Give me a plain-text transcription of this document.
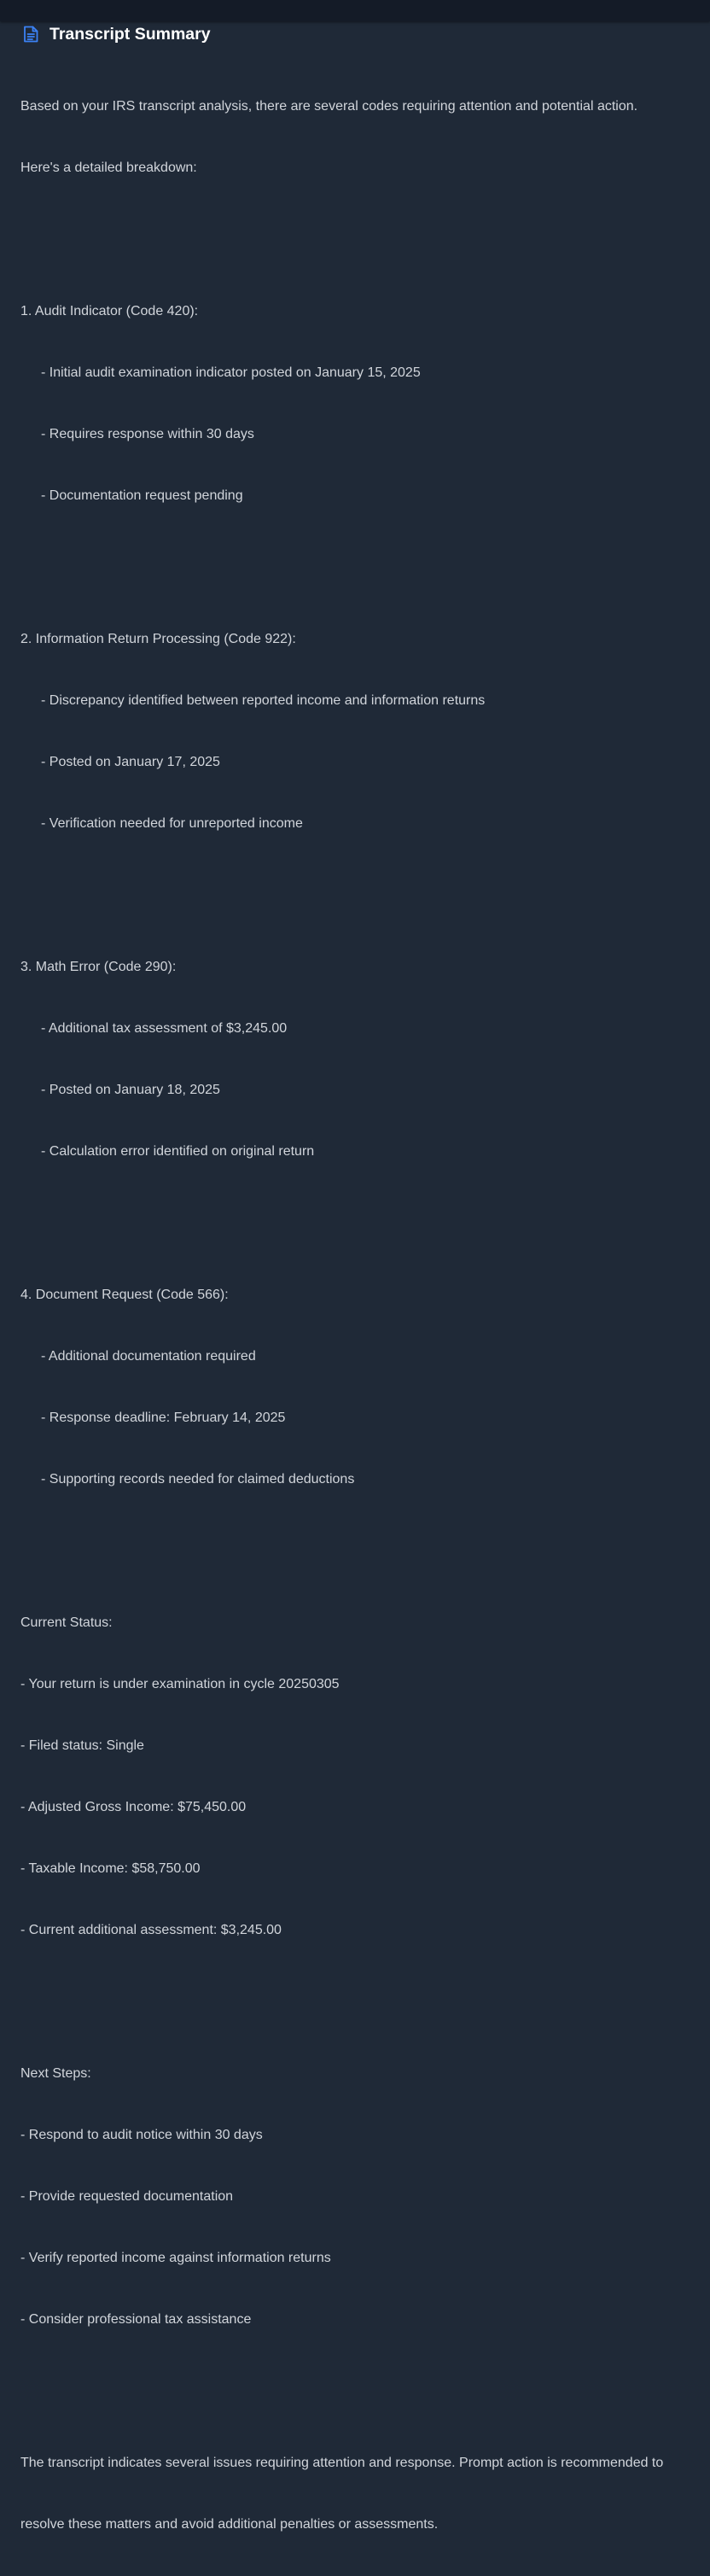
Transcript Summary

Based on your IRS transcript analysis, there are several codes requiring attention and potential action.

Here's a detailed breakdown:

1. Audit Indicator (Code 420):

- Initial audit examination indicator posted on January 15, 2025

- Requires response within 30 days

- Documentation request pending

2. Information Return Processing (Code 922):

- Discrepancy identified between reported income and information returns

- Posted on January 17, 2025

- Verification needed for unreported income

3. Math Error (Code 290):

- Additional tax assessment of $3,245.00

- Posted on January 18, 2025

- Calculation error identified on original return

4. Document Request (Code 566):

- Additional documentation required

- Response deadline: February 14, 2025

- Supporting records needed for claimed deductions

Current Status:

- Your return is under examination in cycle 20250305

- Filed status: Single

- Adjusted Gross Income: $75,450.00

- Taxable Income: $58,750.00

- Current additional assessment: $3,245.00

Next Steps:

- Respond to audit notice within 30 days

- Provide requested documentation

- Verify reported income against information returns

- Consider professional tax assistance

The transcript indicates several issues requiring attention and response. Prompt action is recommended to

resolve these matters and avoid additional penalties or assessments.
